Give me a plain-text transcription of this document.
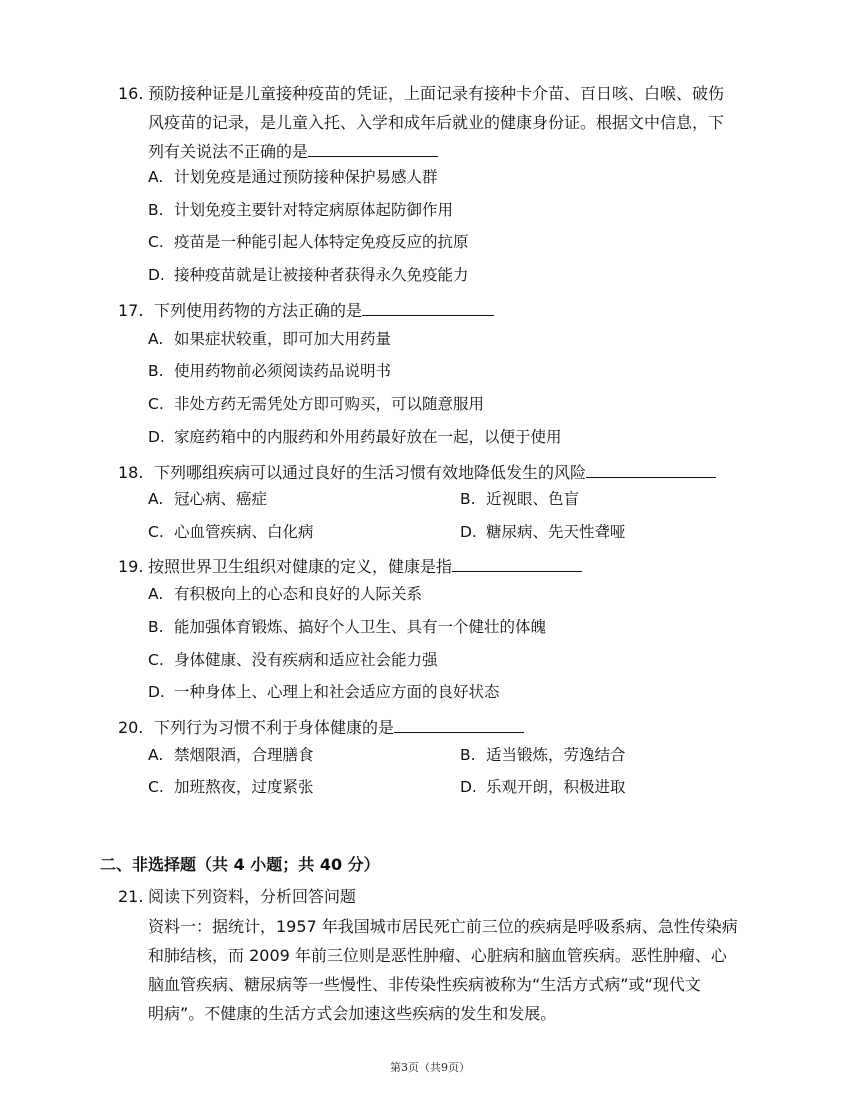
16. 预防接种证是儿童接种疫苗的凭证，上面记录有接种卡介苗、百日咳、白喉、破伤
风疫苗的记录，是儿童入托、入学和成年后就业的健康身份证。根据文中信息，下
列有关说法不正确的是
A. 计划免疫是通过预防接种保护易感人群
B. 计划免疫主要针对特定病原体起防御作用
C. 疫苗是一种能引起人体特定免疫反应的抗原
D. 接种疫苗就是让被接种者获得永久免疫能力
17. 下列使用药物的方法正确的是
A. 如果症状较重，即可加大用药量
B. 使用药物前必须阅读药品说明书
C. 非处方药无需凭处方即可购买，可以随意服用
D. 家庭药箱中的内服药和外用药最好放在一起，以便于使用
18. 下列哪组疾病可以通过良好的生活习惯有效地降低发生的风险
A. 冠心病、癌症	B. 近视眼、色盲
C. 心血管疾病、白化病	D. 糖尿病、先天性聋哑
19. 按照世界卫生组织对健康的定义，健康是指
A. 有积极向上的心态和良好的人际关系
B. 能加强体育锻炼、搞好个人卫生、具有一个健壮的体魄
C. 身体健康、没有疾病和适应社会能力强
D. 一种身体上、心理上和社会适应方面的良好状态
20. 下列行为习惯不利于身体健康的是
A. 禁烟限酒，合理膳食	B. 适当锻炼，劳逸结合
C. 加班熬夜，过度紧张	D. 乐观开朗，积极进取
二、非选择题（共 4 小题；共 40 分）
21. 阅读下列资料，分析回答问题
资料一：据统计，1957 年我国城市居民死亡前三位的疾病是呼吸系病、急性传染病
和肺结核，而 2009 年前三位则是恶性肿瘤、心脏病和脑血管疾病。恶性肿瘤、心
脑血管疾病、糖尿病等一些慢性、非传染性疾病被称为“生活方式病”或“现代文
明病”。不健康的生活方式会加速这些疾病的发生和发展。
第3页（共9页）
